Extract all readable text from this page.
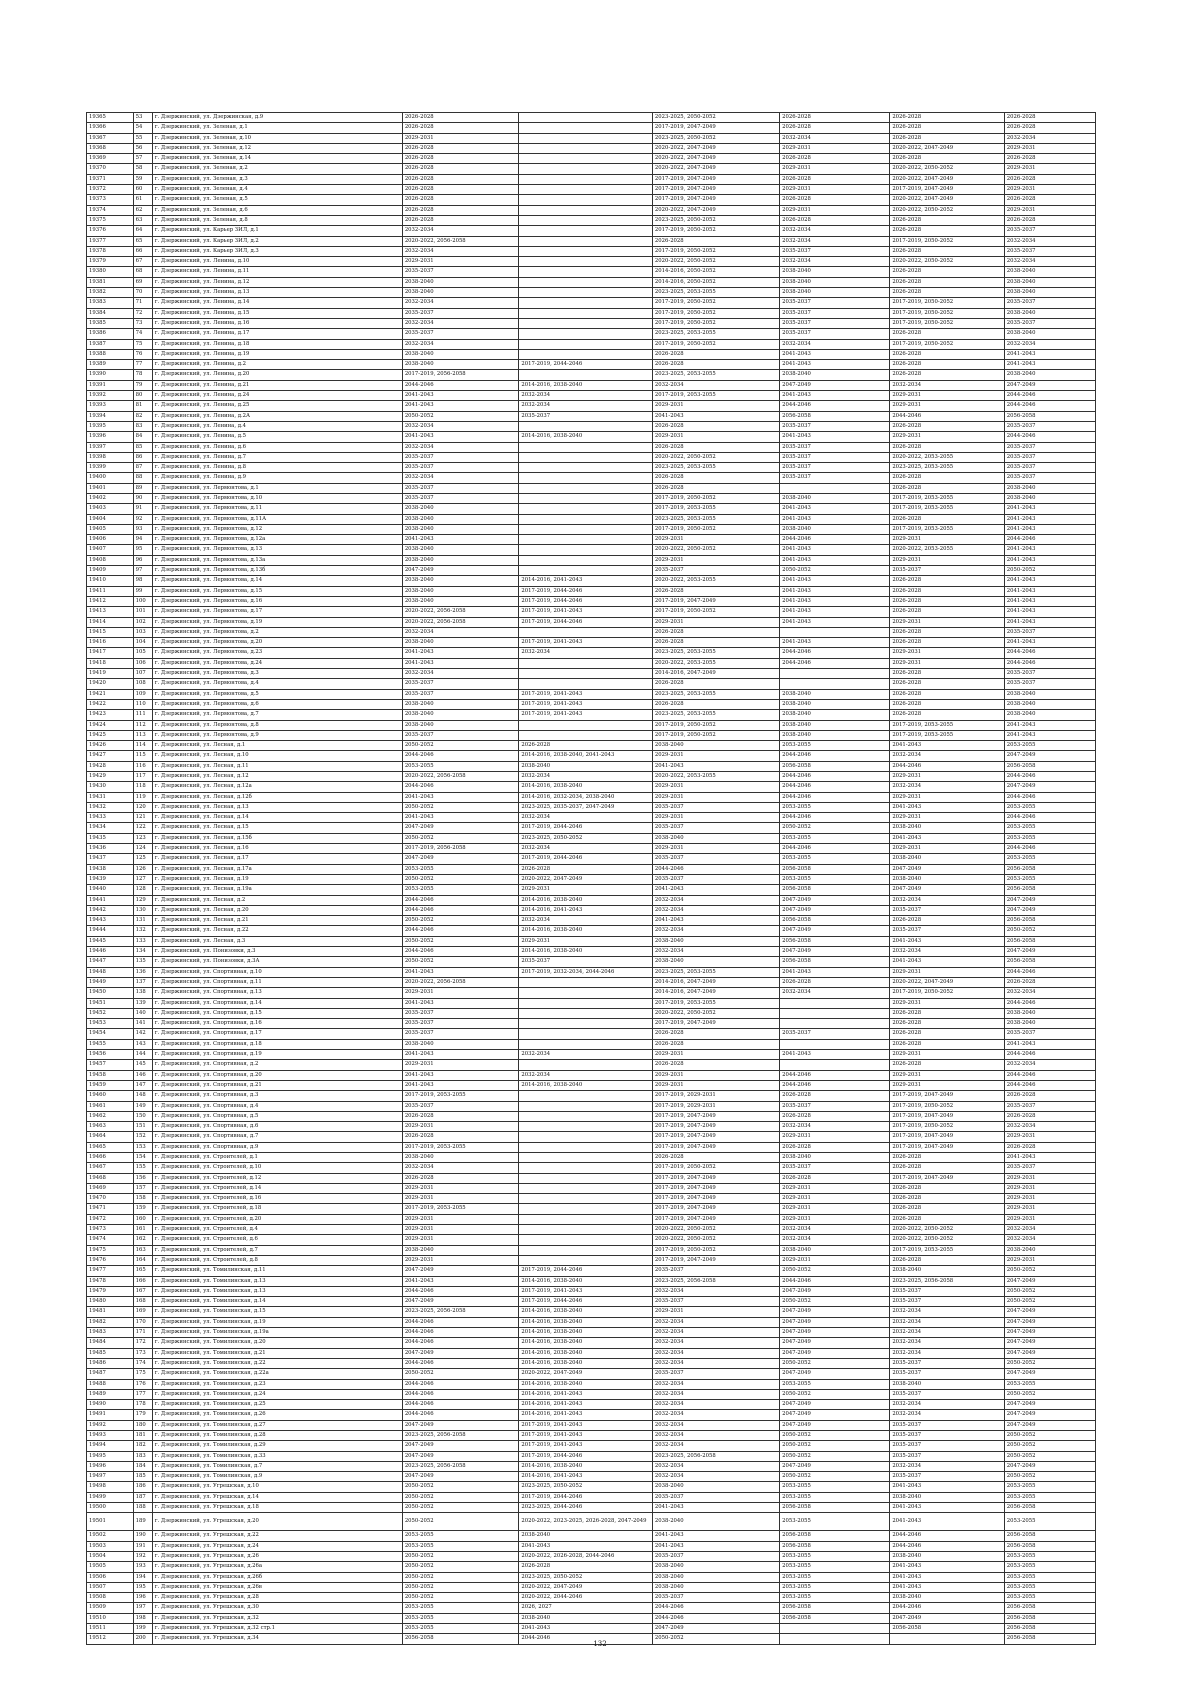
19365	53	г. Дзержинский, ул. Дзержинская, д.9	2026-2028		2023-2025, 2050-2052	2026-2028	2026-2028	2026-2028
19366	54	г. Дзержинский, ул. Зеленая, д.1	2026-2028		2017-2019, 2047-2049	2026-2028	2026-2028	2026-2028
19367	55	г. Дзержинский, ул. Зеленая, д.10	2029-2031		2023-2025, 2050-2052	2032-2034	2026-2028	2032-2034
19368	56	г. Дзержинский, ул. Зеленая, д.12	2026-2028		2020-2022, 2047-2049	2029-2031	2020-2022, 2047-2049	2029-2031
19369	57	г. Дзержинский, ул. Зеленая, д.14	2026-2028		2020-2022, 2047-2049	2026-2028	2026-2028	2026-2028
19370	58	г. Дзержинский, ул. Зеленая, д.2	2026-2028		2020-2022, 2047-2049	2029-2031	2020-2022, 2050-2052	2029-2031
19371	59	г. Дзержинский, ул. Зеленая, д.3	2026-2028		2017-2019, 2047-2049	2026-2028	2020-2022, 2047-2049	2026-2028
19372	60	г. Дзержинский, ул. Зеленая, д.4	2026-2028		2017-2019, 2047-2049	2029-2031	2017-2019, 2047-2049	2029-2031
19373	61	г. Дзержинский, ул. Зеленая, д.5	2026-2028		2017-2019, 2047-2049	2026-2028	2020-2022, 2047-2049	2026-2028
19374	62	г. Дзержинский, ул. Зеленая, д.6	2026-2028		2020-2022, 2047-2049	2029-2031	2020-2022, 2050-2052	2029-2031
19375	63	г. Дзержинский, ул. Зеленая, д.8	2026-2028		2023-2025, 2050-2052	2026-2028	2026-2028	2026-2028
19376	64	г. Дзержинский, ул. Карьер ЗИЛ, д.1	2032-2034		2017-2019, 2050-2052	2032-2034	2026-2028	2035-2037
19377	65	г. Дзержинский, ул. Карьер ЗИЛ, д.2	2020-2022, 2056-2058		2026-2028	2032-2034	2017-2019, 2050-2052	2032-2034
19378	66	г. Дзержинский, ул. Карьер ЗИЛ, д.3	2032-2034		2017-2019, 2050-2052	2035-2037	2026-2028	2035-2037
19379	67	г. Дзержинский, ул. Ленина, д.10	2029-2031		2020-2022, 2050-2052	2032-2034	2020-2022, 2050-2052	2032-2034
19380	68	г. Дзержинский, ул. Ленина, д.11	2035-2037		2014-2016, 2050-2052	2038-2040	2026-2028	2038-2040
19381	69	г. Дзержинский, ул. Ленина, д.12	2038-2040		2014-2016, 2050-2052	2038-2040	2026-2028	2038-2040
19382	70	г. Дзержинский, ул. Ленина, д.13	2038-2040		2023-2025, 2053-2055	2038-2040	2026-2028	2038-2040
19383	71	г. Дзержинский, ул. Ленина, д.14	2032-2034		2017-2019, 2050-2052	2035-2037	2017-2019, 2050-2052	2035-2037
19384	72	г. Дзержинский, ул. Ленина, д.15	2035-2037		2017-2019, 2050-2052	2035-2037	2017-2019, 2050-2052	2038-2040
19385	73	г. Дзержинский, ул. Ленина, д.16	2032-2034		2017-2019, 2050-2052	2035-2037	2017-2019, 2050-2052	2035-2037
19386	74	г. Дзержинский, ул. Ленина, д.17	2035-2037		2023-2025, 2053-2055	2035-2037	2026-2028	2038-2040
19387	75	г. Дзержинский, ул. Ленина, д.18	2032-2034		2017-2019, 2050-2052	2032-2034	2017-2019, 2050-2052	2032-2034
19388	76	г. Дзержинский, ул. Ленина, д.19	2038-2040		2026-2028	2041-2043	2026-2028	2041-2043
19389	77	г. Дзержинский, ул. Ленина, д.2	2038-2040	2017-2019, 2044-2046	2026-2028	2041-2043	2026-2028	2041-2043
19390	78	г. Дзержинский, ул. Ленина, д.20	2017-2019, 2056-2058		2023-2025, 2053-2055	2038-2040	2026-2028	2038-2040
19391	79	г. Дзержинский, ул. Ленина, д.21	2044-2046	2014-2016, 2038-2040	2032-2034	2047-2049	2032-2034	2047-2049
19392	80	г. Дзержинский, ул. Ленина, д.24	2041-2043	2032-2034	2017-2019, 2053-2055	2041-2043	2029-2031	2044-2046
19393	81	г. Дзержинский, ул. Ленина, д.25	2041-2043	2032-2034	2029-2031	2044-2046	2029-2031	2044-2046
19394	82	г. Дзержинский, ул. Ленина, д.2А	2050-2052	2035-2037	2041-2043	2056-2058	2044-2046	2056-2058
19395	83	г. Дзержинский, ул. Ленина, д.4	2032-2034		2026-2028	2035-2037	2026-2028	2035-2037
19396	84	г. Дзержинский, ул. Ленина, д.5	2041-2043	2014-2016, 2038-2040	2029-2031	2041-2043	2029-2031	2044-2046
19397	85	г. Дзержинский, ул. Ленина, д.6	2032-2034		2026-2028	2035-2037	2026-2028	2035-2037
19398	86	г. Дзержинский, ул. Ленина, д.7	2035-2037		2020-2022, 2050-2052	2035-2037	2020-2022, 2053-2055	2035-2037
19399	87	г. Дзержинский, ул. Ленина, д.8	2035-2037		2023-2025, 2053-2055	2035-2037	2023-2025, 2053-2055	2035-2037
19400	88	г. Дзержинский, ул. Ленина, д.9	2032-2034		2026-2028	2035-2037	2026-2028	2035-2037
19401	89	г. Дзержинский, ул. Лермонтова, д.1	2035-2037		2026-2028		2026-2028	2038-2040
19402	90	г. Дзержинский, ул. Лермонтова, д.10	2035-2037		2017-2019, 2050-2052	2038-2040	2017-2019, 2053-2055	2038-2040
19403	91	г. Дзержинский, ул. Лермонтова, д.11	2038-2040		2017-2019, 2053-2055	2041-2043	2017-2019, 2053-2055	2041-2043
19404	92	г. Дзержинский, ул. Лермонтова, д.11А	2038-2040		2023-2025, 2053-2055	2041-2043	2026-2028	2041-2043
19405	93	г. Дзержинский, ул. Лермонтова, д.12	2038-2040		2017-2019, 2050-2052	2038-2040	2017-2019, 2053-2055	2041-2043
19406	94	г. Дзержинский, ул. Лермонтова, д.12а	2041-2043		2029-2031	2044-2046	2029-2031	2044-2046
19407	95	г. Дзержинский, ул. Лермонтова, д.13	2038-2040		2020-2022, 2050-2052	2041-2043	2020-2022, 2053-2055	2041-2043
19408	96	г. Дзержинский, ул. Лермонтова, д.13а	2038-2040		2029-2031	2041-2043	2029-2031	2041-2043
19409	97	г. Дзержинский, ул. Лермонтова, д.13б	2047-2049		2035-2037	2050-2052	2035-2037	2050-2052
19410	98	г. Дзержинский, ул. Лермонтова, д.14	2038-2040	2014-2016, 2041-2043	2020-2022, 2053-2055	2041-2043	2026-2028	2041-2043
19411	99	г. Дзержинский, ул. Лермонтова, д.15	2038-2040	2017-2019, 2044-2046	2026-2028	2041-2043	2026-2028	2041-2043
19412	100	г. Дзержинский, ул. Лермонтова, д.16	2038-2040	2017-2019, 2044-2046	2017-2019, 2047-2049	2041-2043	2026-2028	2041-2043
19413	101	г. Дзержинский, ул. Лермонтова, д.17	2020-2022, 2056-2058	2017-2019, 2041-2043	2017-2019, 2050-2052	2041-2043	2026-2028	2041-2043
19414	102	г. Дзержинский, ул. Лермонтова, д.19	2020-2022, 2056-2058	2017-2019, 2044-2046	2029-2031	2041-2043	2029-2031	2041-2043
19415	103	г. Дзержинский, ул. Лермонтова, д.2	2032-2034		2026-2028		2026-2028	2035-2037
19416	104	г. Дзержинский, ул. Лермонтова, д.20	2038-2040	2017-2019, 2041-2043	2026-2028	2041-2043	2026-2028	2041-2043
19417	105	г. Дзержинский, ул. Лермонтова, д.23	2041-2043	2032-2034	2023-2025, 2053-2055	2044-2046	2029-2031	2044-2046
19418	106	г. Дзержинский, ул. Лермонтова, д.24	2041-2043		2020-2022, 2053-2055	2044-2046	2029-2031	2044-2046
19419	107	г. Дзержинский, ул. Лермонтова, д.3	2032-2034		2014-2016, 2047-2049		2026-2028	2035-2037
19420	108	г. Дзержинский, ул. Лермонтова, д.4	2035-2037		2026-2028		2026-2028	2035-2037
19421	109	г. Дзержинский, ул. Лермонтова, д.5	2035-2037	2017-2019, 2041-2043	2023-2025, 2053-2055	2038-2040	2026-2028	2038-2040
19422	110	г. Дзержинский, ул. Лермонтова, д.6	2038-2040	2017-2019, 2041-2043	2026-2028	2038-2040	2026-2028	2038-2040
19423	111	г. Дзержинский, ул. Лермонтова, д.7	2038-2040	2017-2019, 2041-2043	2023-2025, 2053-2055	2038-2040	2026-2028	2038-2040
19424	112	г. Дзержинский, ул. Лермонтова, д.8	2038-2040		2017-2019, 2050-2052	2038-2040	2017-2019, 2053-2055	2041-2043
19425	113	г. Дзержинский, ул. Лермонтова, д.9	2035-2037		2017-2019, 2050-2052	2038-2040	2017-2019, 2053-2055	2041-2043
19426	114	г. Дзержинский, ул. Лесная, д.1	2050-2052	2026-2028	2038-2040	2053-2055	2041-2043	2053-2055
19427	115	г. Дзержинский, ул. Лесная, д.10	2044-2046	2014-2016, 2038-2040, 2041-2043	2029-2031	2044-2046	2032-2034	2047-2049
19428	116	г. Дзержинский, ул. Лесная, д.11	2053-2055	2038-2040	2041-2043	2056-2058	2044-2046	2056-2058
19429	117	г. Дзержинский, ул. Лесная, д.12	2020-2022, 2056-2058	2032-2034	2020-2022, 2053-2055	2044-2046	2029-2031	2044-2046
19430	118	г. Дзержинский, ул. Лесная, д.12а	2044-2046	2014-2016, 2038-2040	2029-2031	2044-2046	2032-2034	2047-2049
19431	119	г. Дзержинский, ул. Лесная, д.12б	2041-2043	2014-2016, 2032-2034, 2038-2040	2029-2031	2044-2046	2029-2031	2044-2046
19432	120	г. Дзержинский, ул. Лесная, д.13	2050-2052	2023-2025, 2035-2037, 2047-2049	2035-2037	2053-2055	2041-2043	2053-2055
19433	121	г. Дзержинский, ул. Лесная, д.14	2041-2043	2032-2034	2029-2031	2044-2046	2029-2031	2044-2046
19434	122	г. Дзержинский, ул. Лесная, д.15	2047-2049	2017-2019, 2044-2046	2035-2037	2050-2052	2038-2040	2053-2055
19435	123	г. Дзержинский, ул. Лесная, д.15б	2050-2052	2023-2025, 2050-2052	2038-2040	2053-2055	2041-2043	2053-2055
19436	124	г. Дзержинский, ул. Лесная, д.16	2017-2019, 2056-2058	2032-2034	2029-2031	2044-2046	2029-2031	2044-2046
19437	125	г. Дзержинский, ул. Лесная, д.17	2047-2049	2017-2019, 2044-2046	2035-2037	2053-2055	2038-2040	2053-2055
19438	126	г. Дзержинский, ул. Лесная, д.17а	2053-2055	2026-2028	2044-2046	2056-2058	2047-2049	2056-2058
19439	127	г. Дзержинский, ул. Лесная, д.19	2050-2052	2020-2022, 2047-2049	2035-2037	2053-2055	2038-2040	2053-2055
19440	128	г. Дзержинский, ул. Лесная, д.19а	2053-2055	2029-2031	2041-2043	2056-2058	2047-2049	2056-2058
19441	129	г. Дзержинский, ул. Лесная, д.2	2044-2046	2014-2016, 2038-2040	2032-2034	2047-2049	2032-2034	2047-2049
19442	130	г. Дзержинский, ул. Лесная, д.20	2044-2046	2014-2016, 2041-2043	2032-2034	2047-2049	2035-2037	2047-2049
19443	131	г. Дзержинский, ул. Лесная, д.21	2050-2052	2032-2034	2041-2043	2056-2058	2026-2028	2056-2058
19444	132	г. Дзержинский, ул. Лесная, д.22	2044-2046	2014-2016, 2038-2040	2032-2034	2047-2049	2035-2037	2050-2052
19445	133	г. Дзержинский, ул. Лесная, д.3	2050-2052	2029-2031	2038-2040	2056-2058	2041-2043	2056-2058
19446	134	г. Дзержинский, ул. Понизовки, д.3	2044-2046	2014-2016, 2038-2040	2032-2034	2047-2049	2032-2034	2047-2049
19447	135	г. Дзержинский, ул. Понизовки, д.3А	2050-2052	2035-2037	2038-2040	2056-2058	2041-2043	2056-2058
19448	136	г. Дзержинский, ул. Спортивная, д.10	2041-2043	2017-2019, 2032-2034, 2044-2046	2023-2025, 2053-2055	2041-2043	2029-2031	2044-2046
19449	137	г. Дзержинский, ул. Спортивная, д.11	2020-2022, 2056-2058		2014-2016, 2047-2049	2026-2028	2020-2022, 2047-2049	2026-2028
19450	138	г. Дзержинский, ул. Спортивная, д.13	2029-2031		2014-2016, 2047-2049	2032-2034	2017-2019, 2050-2052	2032-2034
19451	139	г. Дзержинский, ул. Спортивная, д.14	2041-2043		2017-2019, 2053-2055		2029-2031	2044-2046
19452	140	г. Дзержинский, ул. Спортивная, д.15	2035-2037		2020-2022, 2050-2052		2026-2028	2038-2040
19453	141	г. Дзержинский, ул. Спортивная, д.16	2035-2037		2017-2019, 2047-2049		2026-2028	2038-2040
19454	142	г. Дзержинский, ул. Спортивная, д.17	2035-2037		2026-2028	2035-2037	2026-2028	2035-2037
19455	143	г. Дзержинский, ул. Спортивная, д.18	2038-2040		2026-2028		2026-2028	2041-2043
19456	144	г. Дзержинский, ул. Спортивная, д.19	2041-2043	2032-2034	2029-2031	2041-2043	2029-2031	2044-2046
19457	145	г. Дзержинский, ул. Спортивная, д.2	2029-2031		2026-2028		2026-2028	2032-2034
19458	146	г. Дзержинский, ул. Спортивная, д.20	2041-2043	2032-2034	2029-2031	2044-2046	2029-2031	2044-2046
19459	147	г. Дзержинский, ул. Спортивная, д.21	2041-2043	2014-2016, 2038-2040	2029-2031	2044-2046	2029-2031	2044-2046
19460	148	г. Дзержинский, ул. Спортивная, д.3	2017-2019, 2053-2055		2017-2019, 2029-2031	2026-2028	2017-2019, 2047-2049	2026-2028
19461	149	г. Дзержинский, ул. Спортивная, д.4	2035-2037		2017-2019, 2029-2031	2035-2037	2017-2019, 2050-2052	2035-2037
19462	150	г. Дзержинский, ул. Спортивная, д.5	2026-2028		2017-2019, 2047-2049	2026-2028	2017-2019, 2047-2049	2026-2028
19463	151	г. Дзержинский, ул. Спортивная, д.6	2029-2031		2017-2019, 2047-2049	2032-2034	2017-2019, 2050-2052	2032-2034
19464	152	г. Дзержинский, ул. Спортивная, д.7	2026-2028		2017-2019, 2047-2049	2029-2031	2017-2019, 2047-2049	2029-2031
19465	153	г. Дзержинский, ул. Спортивная, д.9	2017-2019, 2053-2055		2017-2019, 2047-2049	2026-2028	2017-2019, 2047-2049	2026-2028
19466	154	г. Дзержинский, ул. Строителей, д.1	2038-2040		2026-2028	2038-2040	2026-2028	2041-2043
19467	155	г. Дзержинский, ул. Строителей, д.10	2032-2034		2017-2019, 2050-2052	2035-2037	2026-2028	2035-2037
19468	156	г. Дзержинский, ул. Строителей, д.12	2026-2028		2017-2019, 2047-2049	2026-2028	2017-2019, 2047-2049	2029-2031
19469	157	г. Дзержинский, ул. Строителей, д.14	2029-2031		2017-2019, 2047-2049	2029-2031	2026-2028	2029-2031
19470	158	г. Дзержинский, ул. Строителей, д.16	2029-2031		2017-2019, 2047-2049	2029-2031	2026-2028	2029-2031
19471	159	г. Дзержинский, ул. Строителей, д.18	2017-2019, 2053-2055		2017-2019, 2047-2049	2029-2031	2026-2028	2029-2031
19472	160	г. Дзержинский, ул. Строителей, д.20	2029-2031		2017-2019, 2047-2049	2029-2031	2026-2028	2029-2031
19473	161	г. Дзержинский, ул. Строителей, д.4	2029-2031		2020-2022, 2050-2052	2032-2034	2020-2022, 2050-2052	2032-2034
19474	162	г. Дзержинский, ул. Строителей, д.6	2029-2031		2020-2022, 2050-2052	2032-2034	2020-2022, 2050-2052	2032-2034
19475	163	г. Дзержинский, ул. Строителей, д.7	2038-2040		2017-2019, 2050-2052	2038-2040	2017-2019, 2053-2055	2038-2040
19476	164	г. Дзержинский, ул. Строителей, д.8	2029-2031		2017-2019, 2047-2049	2029-2031	2026-2028	2029-2031
19477	165	г. Дзержинский, ул. Томилинская, д.11	2047-2049	2017-2019, 2044-2046	2035-2037	2050-2052	2038-2040	2050-2052
19478	166	г. Дзержинский, ул. Томилинская, д.13	2041-2043	2014-2016, 2038-2040	2023-2025, 2056-2058	2044-2046	2023-2025, 2056-2058	2047-2049
19479	167	г. Дзержинский, ул. Томилинская, д.13	2044-2046	2017-2019, 2041-2043	2032-2034	2047-2049	2035-2037	2050-2052
19480	168	г. Дзержинский, ул. Томилинская, д.14	2047-2049	2017-2019, 2044-2046	2035-2037	2050-2052	2035-2037	2050-2052
19481	169	г. Дзержинский, ул. Томилинская, д.15	2023-2025, 2056-2058	2014-2016, 2038-2040	2029-2031	2047-2049	2032-2034	2047-2049
19482	170	г. Дзержинский, ул. Томилинская, д.19	2044-2046	2014-2016, 2038-2040	2032-2034	2047-2049	2032-2034	2047-2049
19483	171	г. Дзержинский, ул. Томилинская, д.19а	2044-2046	2014-2016, 2038-2040	2032-2034	2047-2049	2032-2034	2047-2049
19484	172	г. Дзержинский, ул. Томилинская, д.20	2044-2046	2014-2016, 2038-2040	2032-2034	2047-2049	2032-2034	2047-2049
19485	173	г. Дзержинский, ул. Томилинская, д.21	2047-2049	2014-2016, 2038-2040	2032-2034	2047-2049	2032-2034	2047-2049
19486	174	г. Дзержинский, ул. Томилинская, д.22	2044-2046	2014-2016, 2038-2040	2032-2034	2050-2052	2035-2037	2050-2052
19487	175	г. Дзержинский, ул. Томилинская, д.22а	2050-2052	2020-2022, 2047-2049	2035-2037	2047-2049	2035-2037	2047-2049
19488	176	г. Дзержинский, ул. Томилинская, д.23	2044-2046	2014-2016, 2038-2040	2032-2034	2053-2055	2038-2040	2053-2055
19489	177	г. Дзержинский, ул. Томилинская, д.24	2044-2046	2014-2016, 2041-2043	2032-2034	2050-2052	2035-2037	2050-2052
19490	178	г. Дзержинский, ул. Томилинская, д.25	2044-2046	2014-2016, 2041-2043	2032-2034	2047-2049	2032-2034	2047-2049
19491	179	г. Дзержинский, ул. Томилинская, д.26	2044-2046	2014-2016, 2041-2043	2032-2034	2047-2049	2032-2034	2047-2049
19492	180	г. Дзержинский, ул. Томилинская, д.27	2047-2049	2017-2019, 2041-2043	2032-2034	2047-2049	2035-2037	2047-2049
19493	181	г. Дзержинский, ул. Томилинская, д.28	2023-2025, 2056-2058	2017-2019, 2041-2043	2032-2034	2050-2052	2035-2037	2050-2052
19494	182	г. Дзержинский, ул. Томилинская, д.29	2047-2049	2017-2019, 2041-2043	2032-2034	2050-2052	2035-2037	2050-2052
19495	183	г. Дзержинский, ул. Томилинская, д.33	2047-2049	2017-2019, 2044-2046	2023-2025, 2056-2058	2050-2052	2035-2037	2050-2052
19496	184	г. Дзержинский, ул. Томилинская, д.7	2023-2025, 2056-2058	2014-2016, 2038-2040	2032-2034	2047-2049	2032-2034	2047-2049
19497	185	г. Дзержинский, ул. Томилинская, д.9	2047-2049	2014-2016, 2041-2043	2032-2034	2050-2052	2035-2037	2050-2052
19498	186	г. Дзержинский, ул. Угрешская, д.10	2050-2052	2023-2025, 2050-2052	2038-2040	2053-2055	2041-2043	2053-2055
19499	187	г. Дзержинский, ул. Угрешская, д.14	2050-2052	2017-2019, 2044-2046	2035-2037	2053-2055	2038-2040	2053-2055
19500	188	г. Дзержинский, ул. Угрешская, д.18	2050-2052	2023-2025, 2044-2046	2041-2043	2056-2058	2041-2043	2056-2058
19501	189	г. Дзержинский, ул. Угрешская, д.20	2050-2052	2020-2022, 2023-2025, 2026-2028, 2047-2049	2038-2040	2053-2055	2041-2043	2053-2055
19502	190	г. Дзержинский, ул. Угрешская, д.22	2053-2055	2038-2040	2041-2043	2056-2058	2044-2046	2056-2058
19503	191	г. Дзержинский, ул. Угрешская, д.24	2053-2055	2041-2043	2041-2043	2056-2058	2044-2046	2056-2058
19504	192	г. Дзержинский, ул. Угрешская, д.26	2050-2052	2020-2022, 2026-2028, 2044-2046	2035-2037	2053-2055	2038-2040	2053-2055
19505	193	г. Дзержинский, ул. Угрешская, д.26а	2050-2052	2026-2028	2038-2040	2053-2055	2041-2043	2053-2055
19506	194	г. Дзержинский, ул. Угрешская, д.26б	2050-2052	2023-2025, 2050-2052	2038-2040	2053-2055	2041-2043	2053-2055
19507	195	г. Дзержинский, ул. Угрешская, д.26в	2050-2052	2020-2022, 2047-2049	2038-2040	2053-2055	2041-2043	2053-2055
19508	196	г. Дзержинский, ул. Угрешская, д.28	2050-2052	2020-2022, 2044-2046	2035-2037	2053-2055	2038-2040	2053-2055
19509	197	г. Дзержинский, ул. Угрешская, д.30	2053-2055	2026, 2027	2044-2046	2056-2058	2044-2046	2056-2058
19510	198	г. Дзержинский, ул. Угрешская, д.32	2053-2055	2038-2040	2044-2046	2056-2058	2047-2049	2056-2058
19511	199	г. Дзержинский, ул. Угрешская, д.32 стр.1	2053-2055	2041-2043	2047-2049		2056-2058	2056-2058
19512	200	г. Дзержинский, ул. Угрешская, д.34	2056-2058	2044-2046	2050-2052			2056-2058
132
